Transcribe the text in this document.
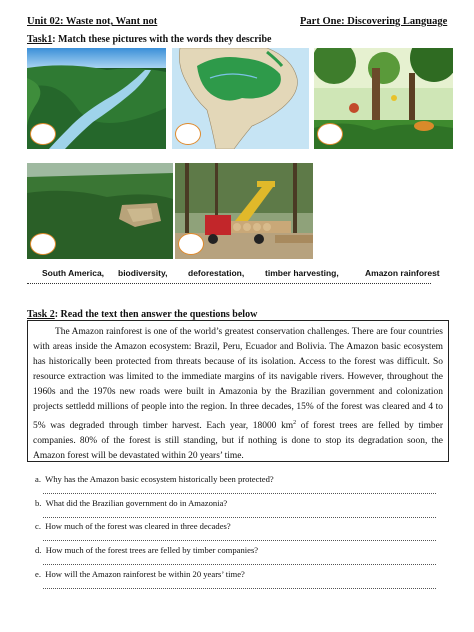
Unit 02: Waste not, Want not	Part One: Discovering Language
Task1: Match these pictures with the words they describe
South America, biodiversity, deforestation, timber harvesting,	Amazon rainforest
Task 2: Read the text then answer the questions below
The Amazon rainforest is one of the world’s greatest conservation challenges. There are four countries with areas inside the Amazon ecosystem: Brazil, Peru, Ecuador and Bolivia. The Amazon basic ecosystem has historically been protected from threats because of its isolation. Access to the forest was difficult. So resource extraction was limited to the immediate margins of its navigable rivers. However, throughout the 1960s and the 1970s new roads were built in Amazonia by the Brazilian government and colonization projects settledd millions of people into the region. In three decades, 15% of the forest was cleared and 4 to 5% was degraded through timber harvest. Each year, 18000 $km^2$ of forest trees are felled by timber companies. 80% of the forest is still standing, but if nothing is done to stop its degradation soon, the Amazon forest will be devastated within 20 years’ time.
a. Why has the Amazon basic ecosystem historically been protected?
b. What did the Brazilian government do in Amazonia?
c. How much of the forest was cleared in three decades?
d. How much of the forest trees are felled by timber companies?
e. How will the Amazon rainforest be within 20 years’ time?
